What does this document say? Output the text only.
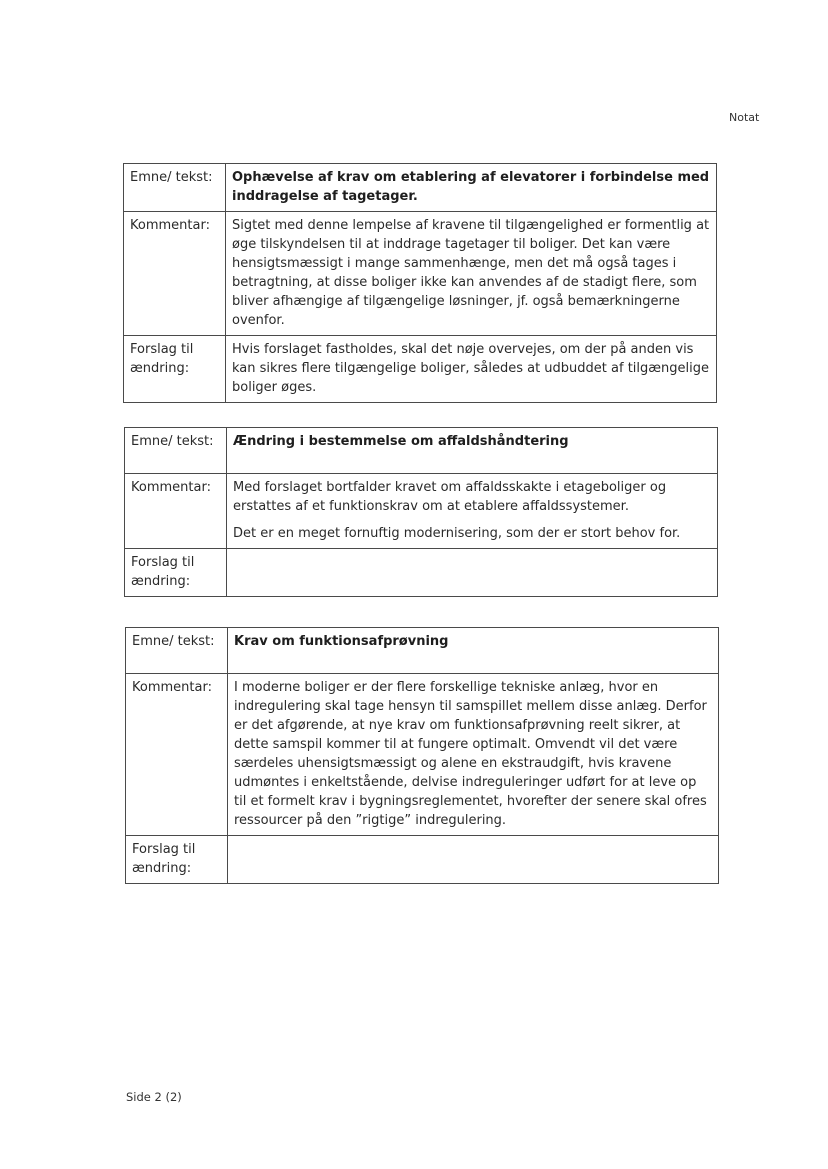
Notat
Emne/ tekst:	Ophævelse af krav om etablering af elevatorer i forbindelse med inddragelse af tagetager.

Kommentar:	Sigtet med denne lempelse af kravene til tilgængelighed er formentlig at øge tilskyndelsen til at inddrage tagetager til boliger. Det kan være hensigtsmæssigt i mange sammenhænge, men det må også tages i betragtning, at disse boliger ikke kan anvendes af de stadigt flere, som bliver afhængige af tilgængelige løsninger, jf. også bemærkningerne ovenfor.

Forslag til ændring:	Hvis forslaget fastholdes, skal det nøje overvejes, om der på anden vis kan sikres flere tilgængelige boliger, således at udbuddet af tilgængelige boliger øges.
Emne/ tekst:	Ændring i bestemmelse om affaldshåndtering

Kommentar:	Med forslaget bortfalder kravet om affaldsskakte i etageboliger og erstattes af et funktionskrav om at etablere affaldssystemer.
Det er en meget fornuftig modernisering, som der er stort behov for.

Forslag til ændring:	
Emne/ tekst:	Krav om funktionsafprøvning

Kommentar:	I moderne boliger er der flere forskellige tekniske anlæg, hvor en indregulering skal tage hensyn til samspillet mellem disse anlæg. Derfor er det afgørende, at nye krav om funktionsafprøvning reelt sikrer, at dette samspil kommer til at fungere optimalt. Omvendt vil det være særdeles uhensigtsmæssigt og alene en ekstraudgift, hvis kravene udmøntes i enkeltstående, delvise indreguleringer udført for at leve op til et formelt krav i bygningsreglementet, hvorefter der senere skal ofres ressourcer på den ”rigtige” indregulering.

Forslag til ændring:	
Side 2 (2)
